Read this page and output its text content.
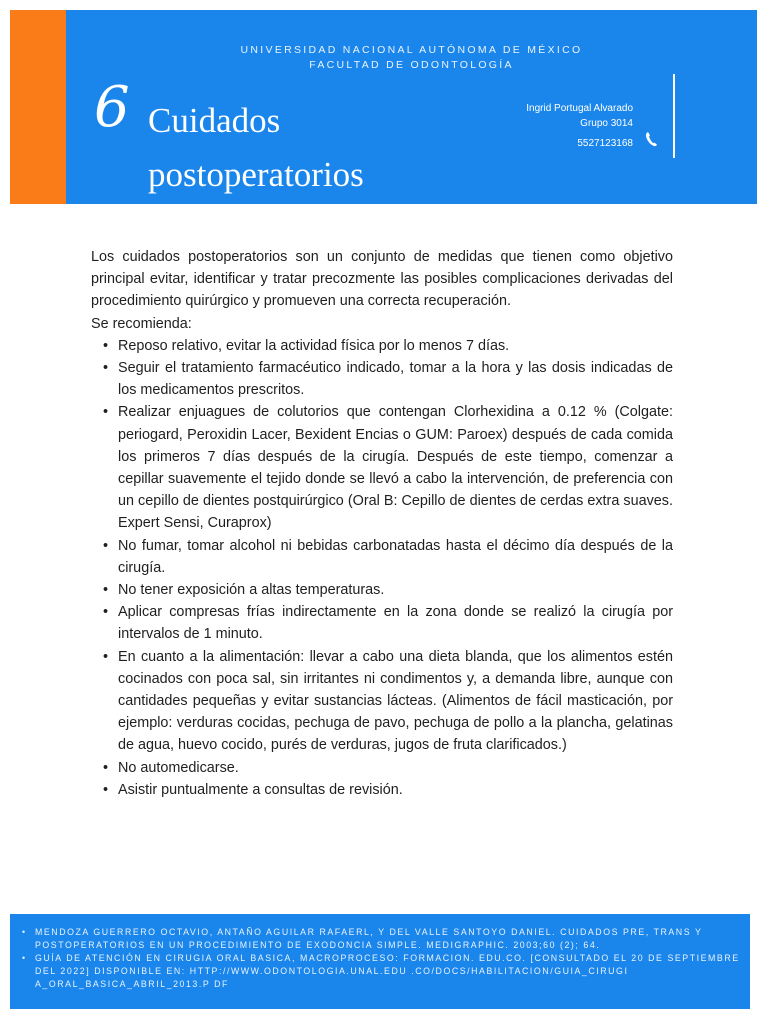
UNIVERSIDAD NACIONAL AUTÓNOMA DE MÉXICO
FACULTAD DE ODONTOLOGÍA
6 Cuidados
postoperatorios
Ingrid Portugal Alvarado
Grupo 3014
5527123168

Los cuidados postoperatorios son un conjunto de medidas que tienen como objetivo principal evitar, identificar y tratar precozmente las posibles complicaciones derivadas del procedimiento quirúrgico y promueven una correcta recuperación.

Se recomienda:

• Reposo relativo, evitar la actividad física por lo menos 7 días.
• Seguir el tratamiento farmacéutico indicado, tomar a la hora y las dosis indicadas de los medicamentos prescritos.
• Realizar enjuagues de colutorios que contengan Clorhexidina a 0.12 % (Colgate: periogard, Peroxidin Lacer, Bexident Encias o GUM: Paroex) después de cada comida los primeros 7 días después de la cirugía. Después de este tiempo, comenzar a cepillar suavemente el tejido donde se llevó a cabo la intervención, de preferencia con un cepillo de dientes postquirúrgico (Oral B: Cepillo de dientes de cerdas extra suaves. Expert Sensi, Curaprox)
• No fumar, tomar alcohol ni bebidas carbonatadas hasta el décimo día después de la cirugía.
• No tener exposición a altas temperaturas.
• Aplicar compresas frías indirectamente en la zona donde se realizó la cirugía por intervalos de 1 minuto.
• En cuanto a la alimentación: llevar a cabo una dieta blanda, que los alimentos estén cocinados con poca sal, sin irritantes ni condimentos y, a demanda libre, aunque con cantidades pequeñas y evitar sustancias lácteas. (Alimentos de fácil masticación, por ejemplo: verduras cocidas, pechuga de pavo, pechuga de pollo a la plancha, gelatinas de agua, huevo cocido, purés de verduras, jugos de fruta clarificados.)
• No automedicarse.
• Asistir puntualmente a consultas de revisión.
• MENDOZA GUERRERO OCTAVIO, ANTAÑO AGUILAR RAFAERL, Y DEL VALLE SANTOYO DANIEL. CUIDADOS PRE, TRANS Y POSTOPERATORIOS EN UN PROCEDIMIENTO DE EXODONCIA SIMPLE. MEDIGRAPHIC. 2003;60 (2); 64.
• GUÍA DE ATENCIÓN EN CIRUGIA ORAL BASICA, MACROPROCESO: FORMACION. EDU.CO. [CONSULTADO EL 20 DE SEPTIEMBRE DEL 2022] DISPONIBLE EN: HTTP://WWW.ODONTOLOGIA.UNAL.EDU .CO/DOCS/HABILITACION/GUIA_CIRUGI A_ORAL_BASICA_ABRIL_2013.P DF
